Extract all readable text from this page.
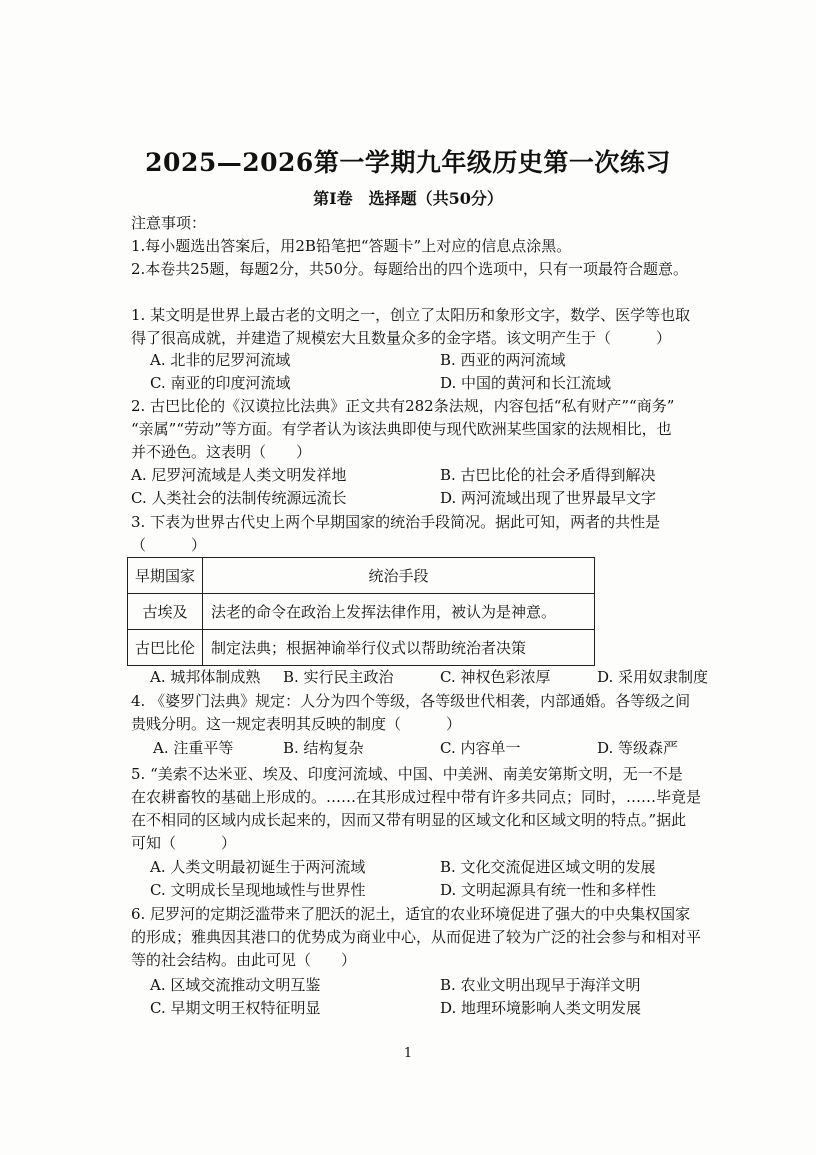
2025—2026第一学期九年级历史第一次练习
第Ⅰ卷　选择题（共50分）
注意事项：
1.每小题选出答案后，用2B铅笔把“答题卡”上对应的信息点涂黑。
2.本卷共25题，每题2分，共50分。每题给出的四个选项中，只有一项最符合题意。
1. 某文明是世界上最古老的文明之一，创立了太阳历和象形文字，数学、医学等也取
得了很高成就，并建造了规模宏大且数量众多的金字塔。该文明产生于（　　　）
A. 北非的尼罗河流域	B. 西亚的两河流域
C. 南亚的印度河流域	D. 中国的黄河和长江流域
2. 古巴比伦的《汉谟拉比法典》正文共有282条法规，内容包括“私有财产”“商务”
“亲属”“劳动”等方面。有学者认为该法典即使与现代欧洲某些国家的法规相比，也
并不逊色。这表明（　　）
A. 尼罗河流域是人类文明发祥地	B. 古巴比伦的社会矛盾得到解决
C. 人类社会的法制传统源远流长	D. 两河流域出现了世界最早文字
3. 下表为世界古代史上两个早期国家的统治手段简况。据此可知，两者的共性是
（　　　）
早期国家	统治手段
古埃及	法老的命令在政治上发挥法律作用，被认为是神意。
古巴比伦	制定法典；根据神谕举行仪式以帮助统治者决策
A. 城邦体制成熟 B. 实行民主政治	C. 神权色彩浓厚	D. 采用奴隶制度
4. 《婆罗门法典》规定：人分为四个等级，各等级世代相袭，内部通婚。各等级之间
贵贱分明。这一规定表明其反映的制度（　　　）
A. 注重平等	B. 结构复杂	C. 内容单一	D. 等级森严
5. “美索不达米亚、埃及、印度河流域、中国、中美洲、南美安第斯文明，无一不是
在农耕畜牧的基础上形成的。……在其形成过程中带有许多共同点；同时，……毕竟是
在不相同的区域内成长起来的，因而又带有明显的区域文化和区域文明的特点。”据此
可知（　　　）
A. 人类文明最初诞生于两河流域	B. 文化交流促进区域文明的发展
C. 文明成长呈现地域性与世界性	D. 文明起源具有统一性和多样性
6. 尼罗河的定期泛滥带来了肥沃的泥土，适宜的农业环境促进了强大的中央集权国家
的形成；雅典因其港口的优势成为商业中心，从而促进了较为广泛的社会参与和相对平
等的社会结构。由此可见（　　）
A. 区域交流推动文明互鉴	B. 农业文明出现早于海洋文明
C. 早期文明王权特征明显	D. 地理环境影响人类文明发展
1
